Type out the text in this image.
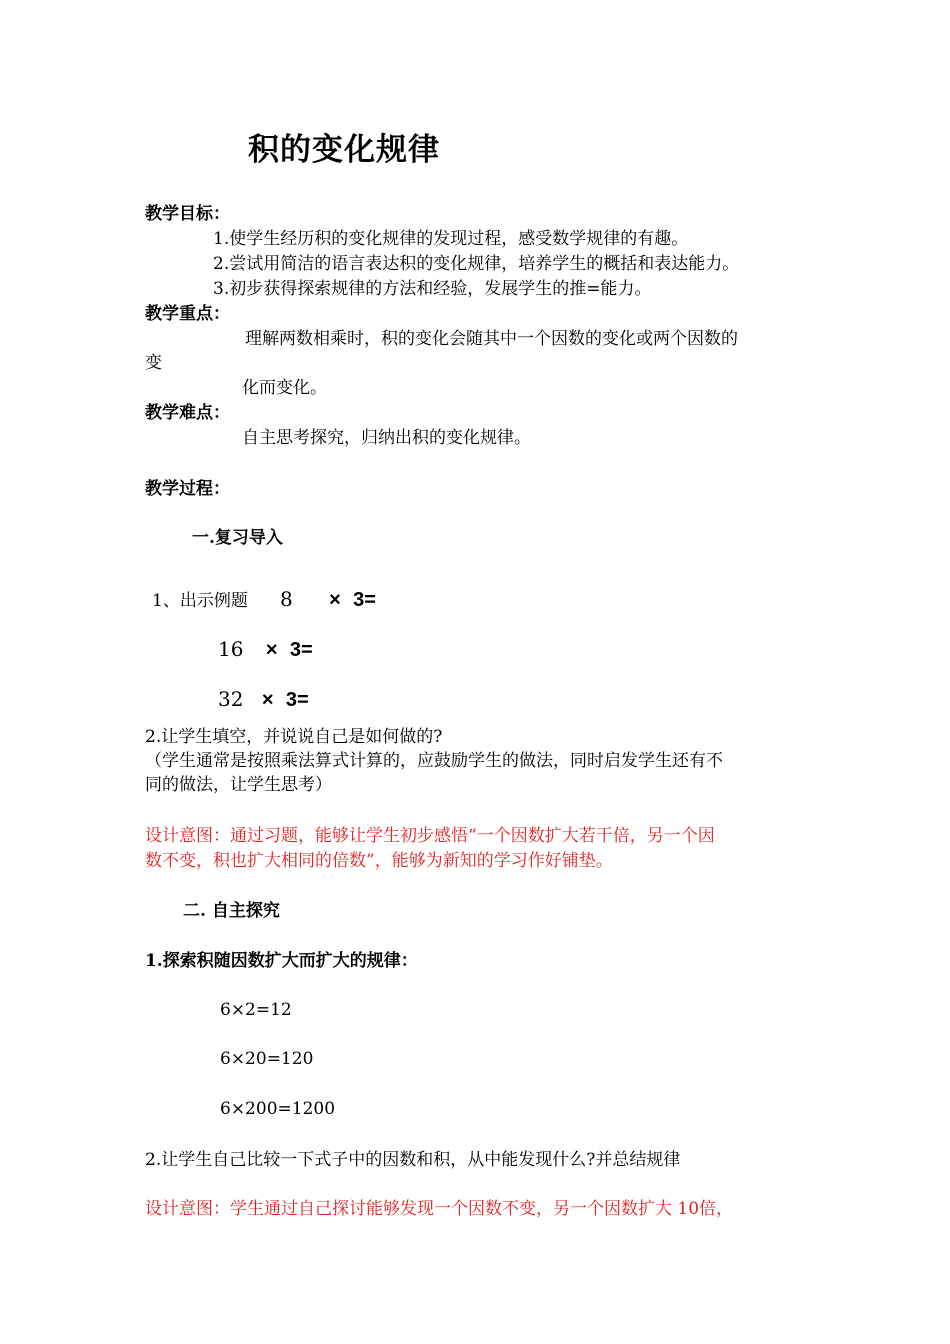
积的变化规律
教学目标：
1.使学生经历积的变化规律的发现过程，感受数学规律的有趣。
2.尝试用简洁的语言表达积的变化规律，培养学生的概括和表达能力。
3.初步获得探索规律的方法和经验，发展学生的推=能力。
教学重点：
理解两数相乘时，积的变化会随其中一个因数的变化或两个因数的
变
化而变化。
教学难点：
自主思考探究，归纳出积的变化规律。
教学过程：
一.复习导入
1、出示例题 8 × 3=
16 × 3=
32 × 3=
2.让学生填空，并说说自己是如何做的?
（学生通常是按照乘法算式计算的，应鼓励学生的做法，同时启发学生还有不
同的做法，让学生思考）
设计意图：通过习题，能够让学生初步感悟“一个因数扩大若干倍，另一个因
数不变，积也扩大相同的倍数”，能够为新知的学习作好铺垫。
二. 自主探究
1.探索积随因数扩大而扩大的规律：
6×2=12
6×20=120
6×200=1200
2.让学生自己比较一下式子中的因数和积，从中能发现什么?并总结规律
设计意图：学生通过自己探讨能够发现一个因数不变，另一个因数扩大 10倍，
